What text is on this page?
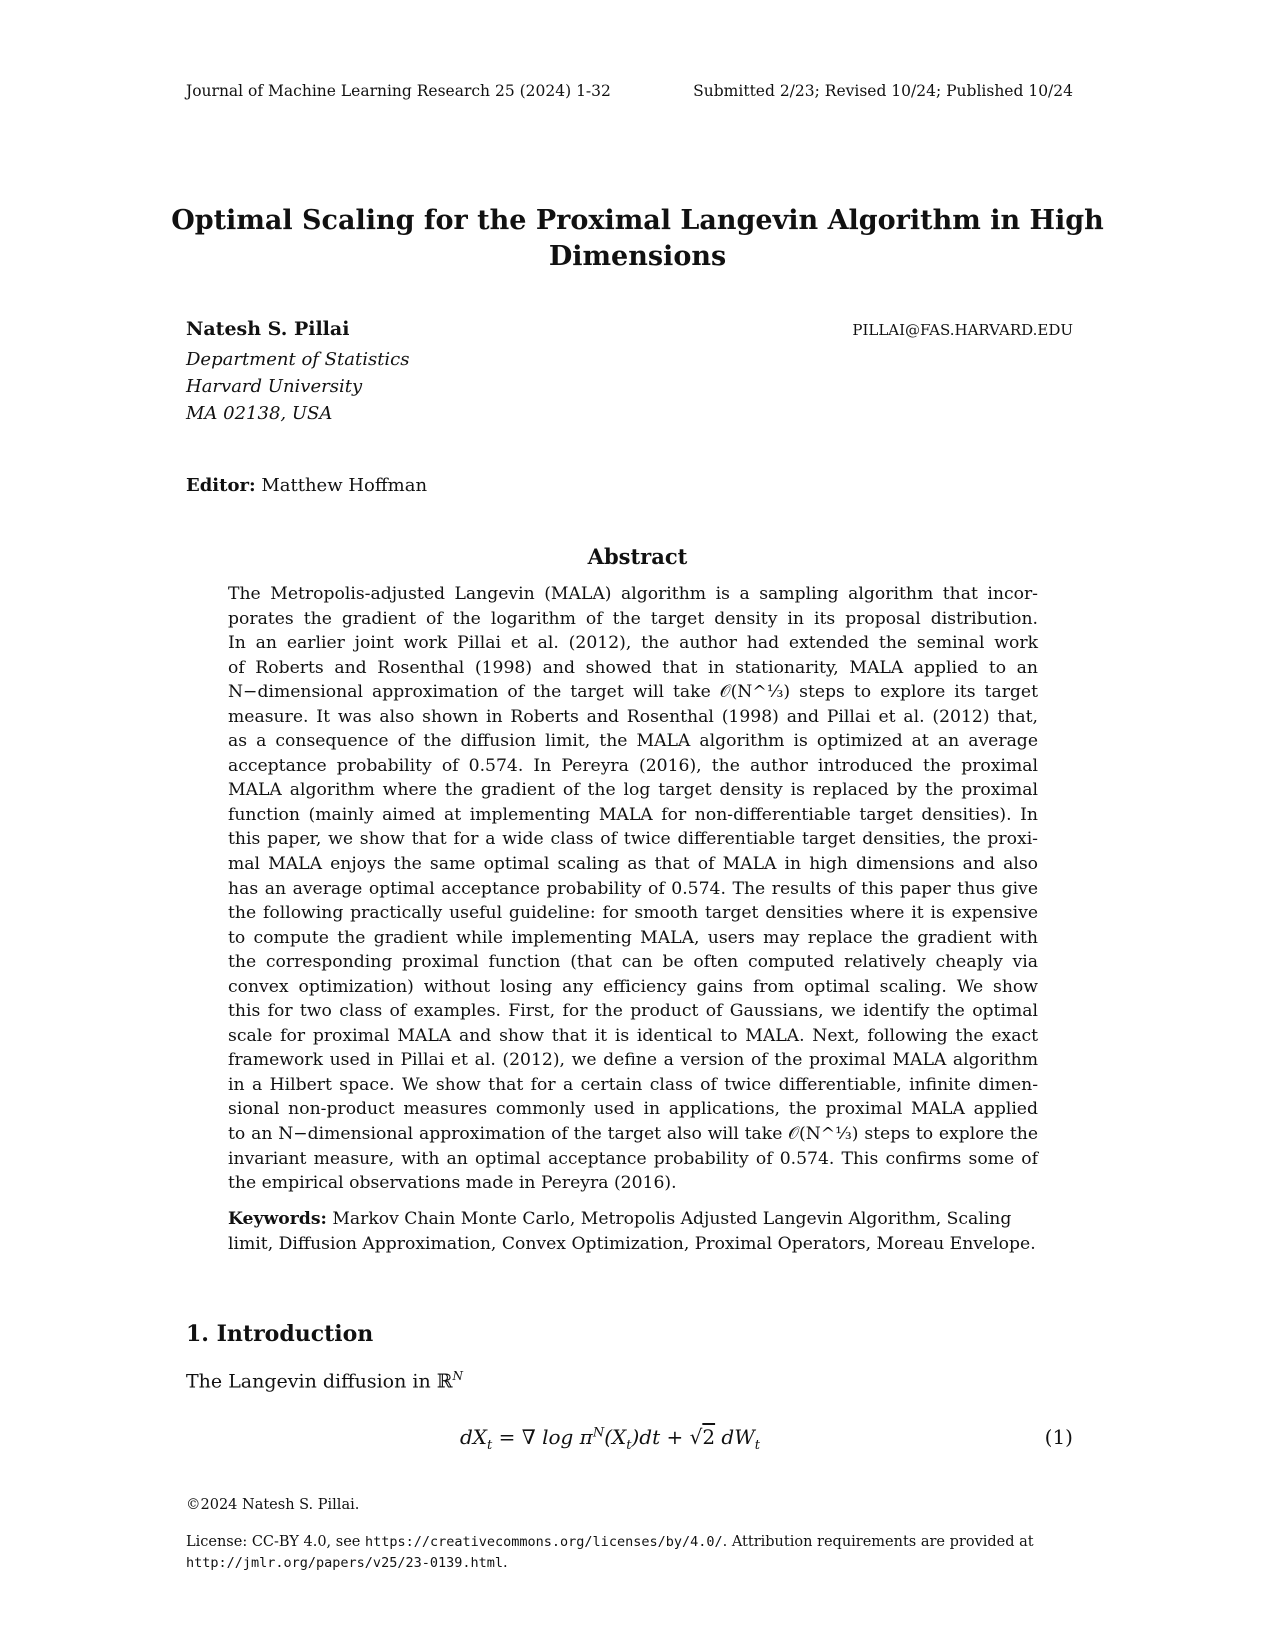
Journal of Machine Learning Research 25 (2024) 1-32	Submitted 2/23; Revised 10/24; Published 10/24
Optimal Scaling for the Proximal Langevin Algorithm in High Dimensions
Natesh S. Pillai	PILLAI@FAS.HARVARD.EDU
Department of Statistics
Harvard University
MA 02138, USA
Editor: Matthew Hoffman
Abstract
The Metropolis-adjusted Langevin (MALA) algorithm is a sampling algorithm that incor-
porates the gradient of the logarithm of the target density in its proposal distribution.
In an earlier joint work Pillai et al. (2012), the author had extended the seminal work
of Roberts and Rosenthal (1998) and showed that in stationarity, MALA applied to an
N−dimensional approximation of the target will take 𝒪(N^⅓) steps to explore its target
measure. It was also shown in Roberts and Rosenthal (1998) and Pillai et al. (2012) that,
as a consequence of the diffusion limit, the MALA algorithm is optimized at an average
acceptance probability of 0.574. In Pereyra (2016), the author introduced the proximal
MALA algorithm where the gradient of the log target density is replaced by the proximal
function (mainly aimed at implementing MALA for non-differentiable target densities). In
this paper, we show that for a wide class of twice differentiable target densities, the proxi-
mal MALA enjoys the same optimal scaling as that of MALA in high dimensions and also
has an average optimal acceptance probability of 0.574. The results of this paper thus give
the following practically useful guideline: for smooth target densities where it is expensive
to compute the gradient while implementing MALA, users may replace the gradient with
the corresponding proximal function (that can be often computed relatively cheaply via
convex optimization) without losing any efficiency gains from optimal scaling. We show
this for two class of examples. First, for the product of Gaussians, we identify the optimal
scale for proximal MALA and show that it is identical to MALA. Next, following the exact
framework used in Pillai et al. (2012), we define a version of the proximal MALA algorithm
in a Hilbert space. We show that for a certain class of twice differentiable, infinite dimen-
sional non-product measures commonly used in applications, the proximal MALA applied
to an N−dimensional approximation of the target also will take 𝒪(N^⅓) steps to explore the
invariant measure, with an optimal acceptance probability of 0.574. This confirms some of
the empirical observations made in Pereyra (2016).
Keywords: Markov Chain Monte Carlo, Metropolis Adjusted Langevin Algorithm, Scaling limit, Diffusion Approximation, Convex Optimization, Proximal Operators, Moreau Envelope.
1. Introduction
The Langevin diffusion in ℝ$^N$
$dX_t$ = ∇ $\log \pi^N(X_t)dt + √2$ $dW_t$	(1)
©2024 Natesh S. Pillai.
License: CC-BY 4.0, see https://creativecommons.org/licenses/by/4.0/. Attribution requirements are provided at http://jmlr.org/papers/v25/23-0139.html.
